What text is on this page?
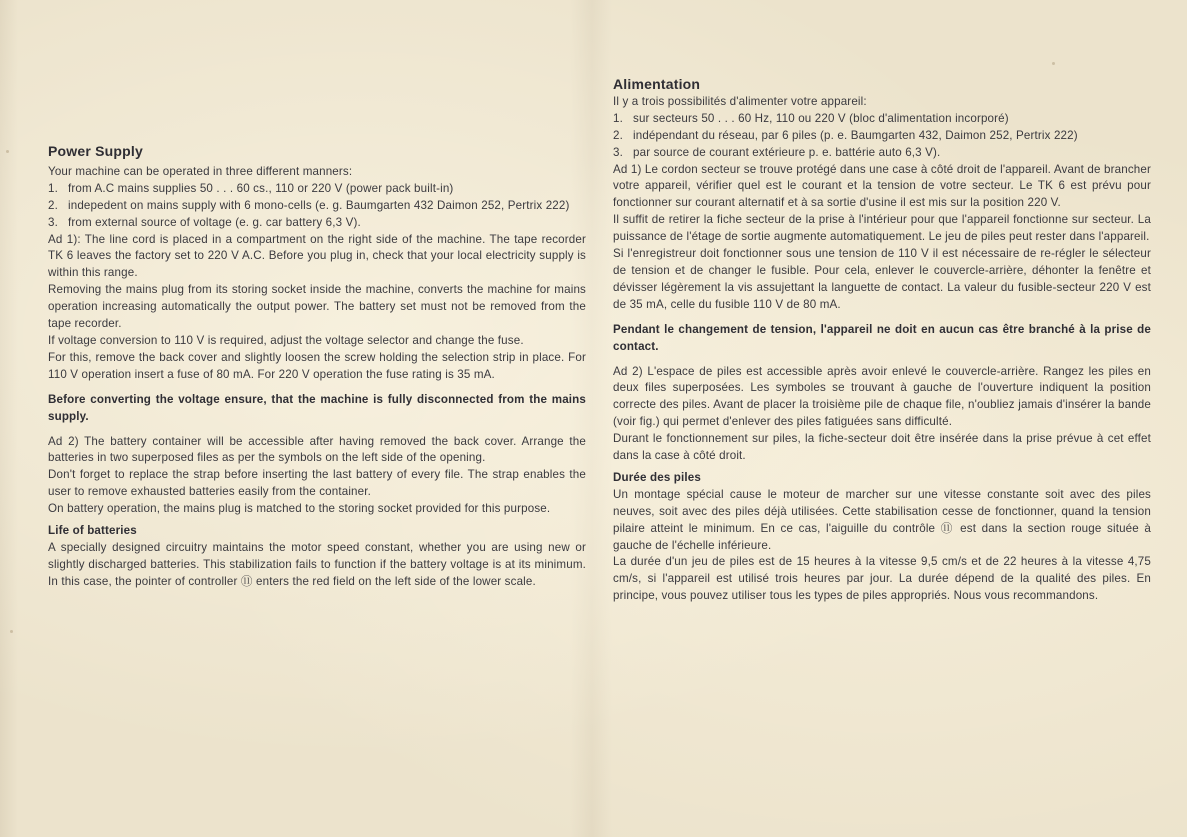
Power Supply

Your machine can be operated in three different manners:

1. from A.C mains supplies 50 . . . 60 cs., 110 or 220 V (power pack built-in)
2. indepedent on mains supply with 6 mono-cells (e. g. Baumgarten 432 Daimon 252, Pertrix 222)
3. from external source of voltage (e. g. car battery 6,3 V).

Ad 1): The line cord is placed in a compartment on the right side of the machine. The tape recorder TK 6 leaves the factory set to 220 V A.C. Before you plug in, check that your local electricity supply is within this range.

Removing the mains plug from its storing socket inside the machine, converts the machine for mains operation increasing automatically the output power. The battery set must not be removed from the tape recorder.

If voltage conversion to 110 V is required, adjust the voltage selector and change the fuse.

For this, remove the back cover and slightly loosen the screw holding the selection strip in place. For 110 V operation insert a fuse of 80 mA. For 220 V operation the fuse rating is 35 mA.

Before converting the voltage ensure, that the machine is fully disconnected from the mains supply.

Ad 2) The battery container will be accessible after having removed the back cover. Arrange the batteries in two superposed files as per the symbols on the left side of the opening.

Don't forget to replace the strap before inserting the last battery of every file. The strap enables the user to remove exhausted batteries easily from the container.

On battery operation, the mains plug is matched to the storing socket provided for this purpose.

Life of batteries

A specially designed circuitry maintains the motor speed constant, whether you are using new or slightly discharged batteries. This stabilization fails to function if the battery voltage is at its minimum. In this case, the pointer of controller ⑪ enters the red field on the left side of the lower scale.

Alimentation

Il y a trois possibilités d'alimenter votre appareil:

1. sur secteurs 50 . . . 60 Hz, 110 ou 220 V (bloc d'alimentation incorporé)
2. indépendant du réseau, par 6 piles (p. e. Baumgarten 432, Daimon 252, Pertrix 222)
3. par source de courant extérieure p. e. battérie auto 6,3 V).

Ad 1) Le cordon secteur se trouve protégé dans une case à côté droit de l'appareil. Avant de brancher votre appareil, vérifier quel est le courant et la tension de votre secteur. Le TK 6 est prévu pour fonctionner sur courant alternatif et à sa sortie d'usine il est mis sur la position 220 V.

Il suffit de retirer la fiche secteur de la prise à l'intérieur pour que l'appareil fonctionne sur secteur. La puissance de l'étage de sortie augmente automatiquement. Le jeu de piles peut rester dans l'appareil.

Si l'enregistreur doit fonctionner sous une tension de 110 V il est nécessaire de re-régler le sélecteur de tension et de changer le fusible. Pour cela, enlever le couvercle-arrière, déhonter la fenêtre et dévisser légèrement la vis assujettant la languette de contact. La valeur du fusible-secteur 220 V est de 35 mA, celle du fusible 110 V de 80 mA.

Pendant le changement de tension, l'appareil ne doit en aucun cas être branché à la prise de contact.

Ad 2) L'espace de piles est accessible après avoir enlevé le couvercle-arrière. Rangez les piles en deux files superposées. Les symboles se trouvant à gauche de l'ouverture indiquent la position correcte des piles. Avant de placer la troisième pile de chaque file, n'oubliez jamais d'insérer la bande (voir fig.) qui permet d'enlever des piles fatiguées sans difficulté.

Durant le fonctionnement sur piles, la fiche-secteur doit être insérée dans la prise prévue à cet effet dans la case à côté droit.

Durée des piles

Un montage spécial cause le moteur de marcher sur une vitesse constante soit avec des piles neuves, soit avec des piles déjà utilisées. Cette stabilisation cesse de fonctionner, quand la tension pilaire atteint le minimum. En ce cas, l'aiguille du contrôle ⑪ est dans la section rouge située à gauche de l'échelle inférieure.

La durée d'un jeu de piles est de 15 heures à la vitesse 9,5 cm/s et de 22 heures à la vitesse 4,75 cm/s, si l'appareil est utilisé trois heures par jour. La durée dépend de la qualité des piles. En principe, vous pouvez utiliser tous les types de piles appropriés. Nous vous recommandons.
